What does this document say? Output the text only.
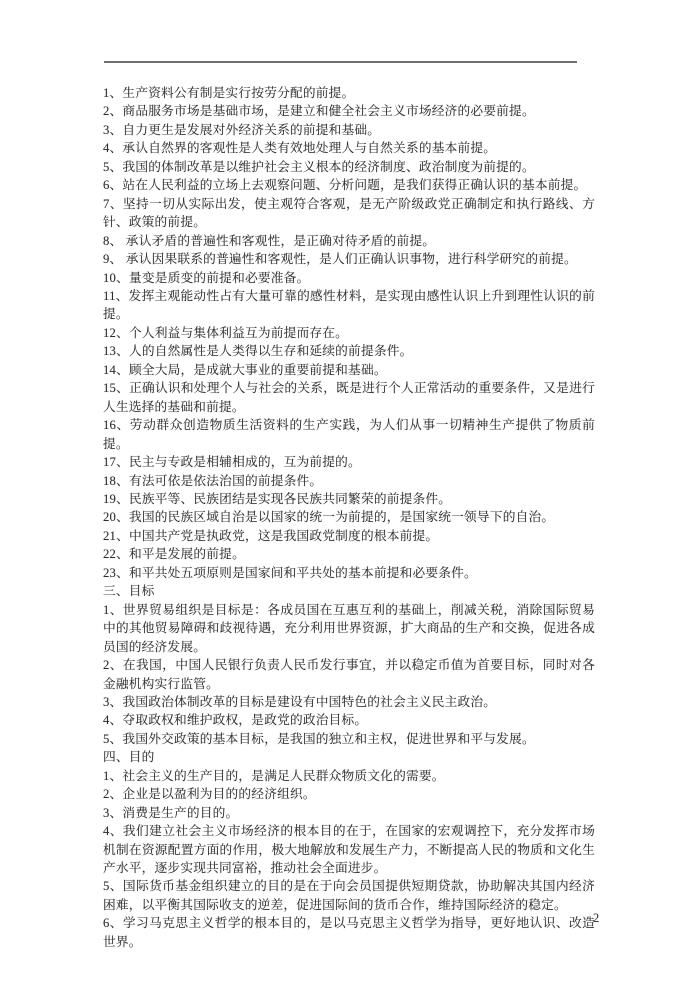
1、生产资料公有制是实行按劳分配的前提。
2、商品服务市场是基础市场，是建立和健全社会主义市场经济的必要前提。
3、自力更生是发展对外经济关系的前提和基础。
4、承认自然界的客观性是人类有效地处理人与自然关系的基本前提。
5、我国的体制改革是以维护社会主义根本的经济制度、政治制度为前提的。
6、站在人民利益的立场上去观察问题、分析问题，是我们获得正确认识的基本前提。
7、坚持一切从实际出发，使主观符合客观，是无产阶级政党正确制定和执行路线、方针、政策的前提。
8、 承认矛盾的普遍性和客观性，是正确对待矛盾的前提。
9、 承认因果联系的普遍性和客观性，是人们正确认识事物，进行科学研究的前提。
10、量变是质变的前提和必要准备。
11、发挥主观能动性占有大量可靠的感性材料，是实现由感性认识上升到理性认识的前提。
12、个人利益与集体利益互为前提而存在。
13、人的自然属性是人类得以生存和延续的前提条件。
14、顾全大局，是成就大事业的重要前提和基础。
15、正确认识和处理个人与社会的关系，既是进行个人正常活动的重要条件，又是进行人生选择的基础和前提。
16、劳动群众创造物质生活资料的生产实践，为人们从事一切精神生产提供了物质前提。
17、民主与专政是相辅相成的，互为前提的。
18、有法可依是依法治国的前提条件。
19、民族平等、民族团结是实现各民族共同繁荣的前提条件。
20、我国的民族区域自治是以国家的统一为前提的，是国家统一领导下的自治。
21、中国共产党是执政党，这是我国政党制度的根本前提。
22、和平是发展的前提。
23、和平共处五项原则是国家间和平共处的基本前提和必要条件。
三、目标
1、世界贸易组织是目标是：各成员国在互惠互利的基础上，削减关税，消除国际贸易中的其他贸易障碍和歧视待遇，充分利用世界资源，扩大商品的生产和交换，促进各成员国的经济发展。
2、在我国，中国人民银行负责人民币发行事宜，并以稳定币值为首要目标，同时对各金融机构实行监管。
3、我国政治体制改革的目标是建设有中国特色的社会主义民主政治。
4、夺取政权和维护政权，是政党的政治目标。
5、我国外交政策的基本目标，是我国的独立和主权，促进世界和平与发展。
四、目的
1、社会主义的生产目的，是满足人民群众物质文化的需要。
2、企业是以盈利为目的的经济组织。
3、消费是生产的目的。
4、我们建立社会主义市场经济的根本目的在于，在国家的宏观调控下，充分发挥市场机制在资源配置方面的作用，极大地解放和发展生产力，不断提高人民的物质和文化生产水平，逐步实现共同富裕，推动社会全面进步。
5、国际货币基金组织建立的目的是在于向会员国提供短期贷款，协助解决其国内经济困难，以平衡其国际收支的逆差，促进国际间的货币合作，维持国际经济的稳定。
6、学习马克思主义哲学的根本目的，是以马克思主义哲学为指导，更好地认识、改造世界。
2
